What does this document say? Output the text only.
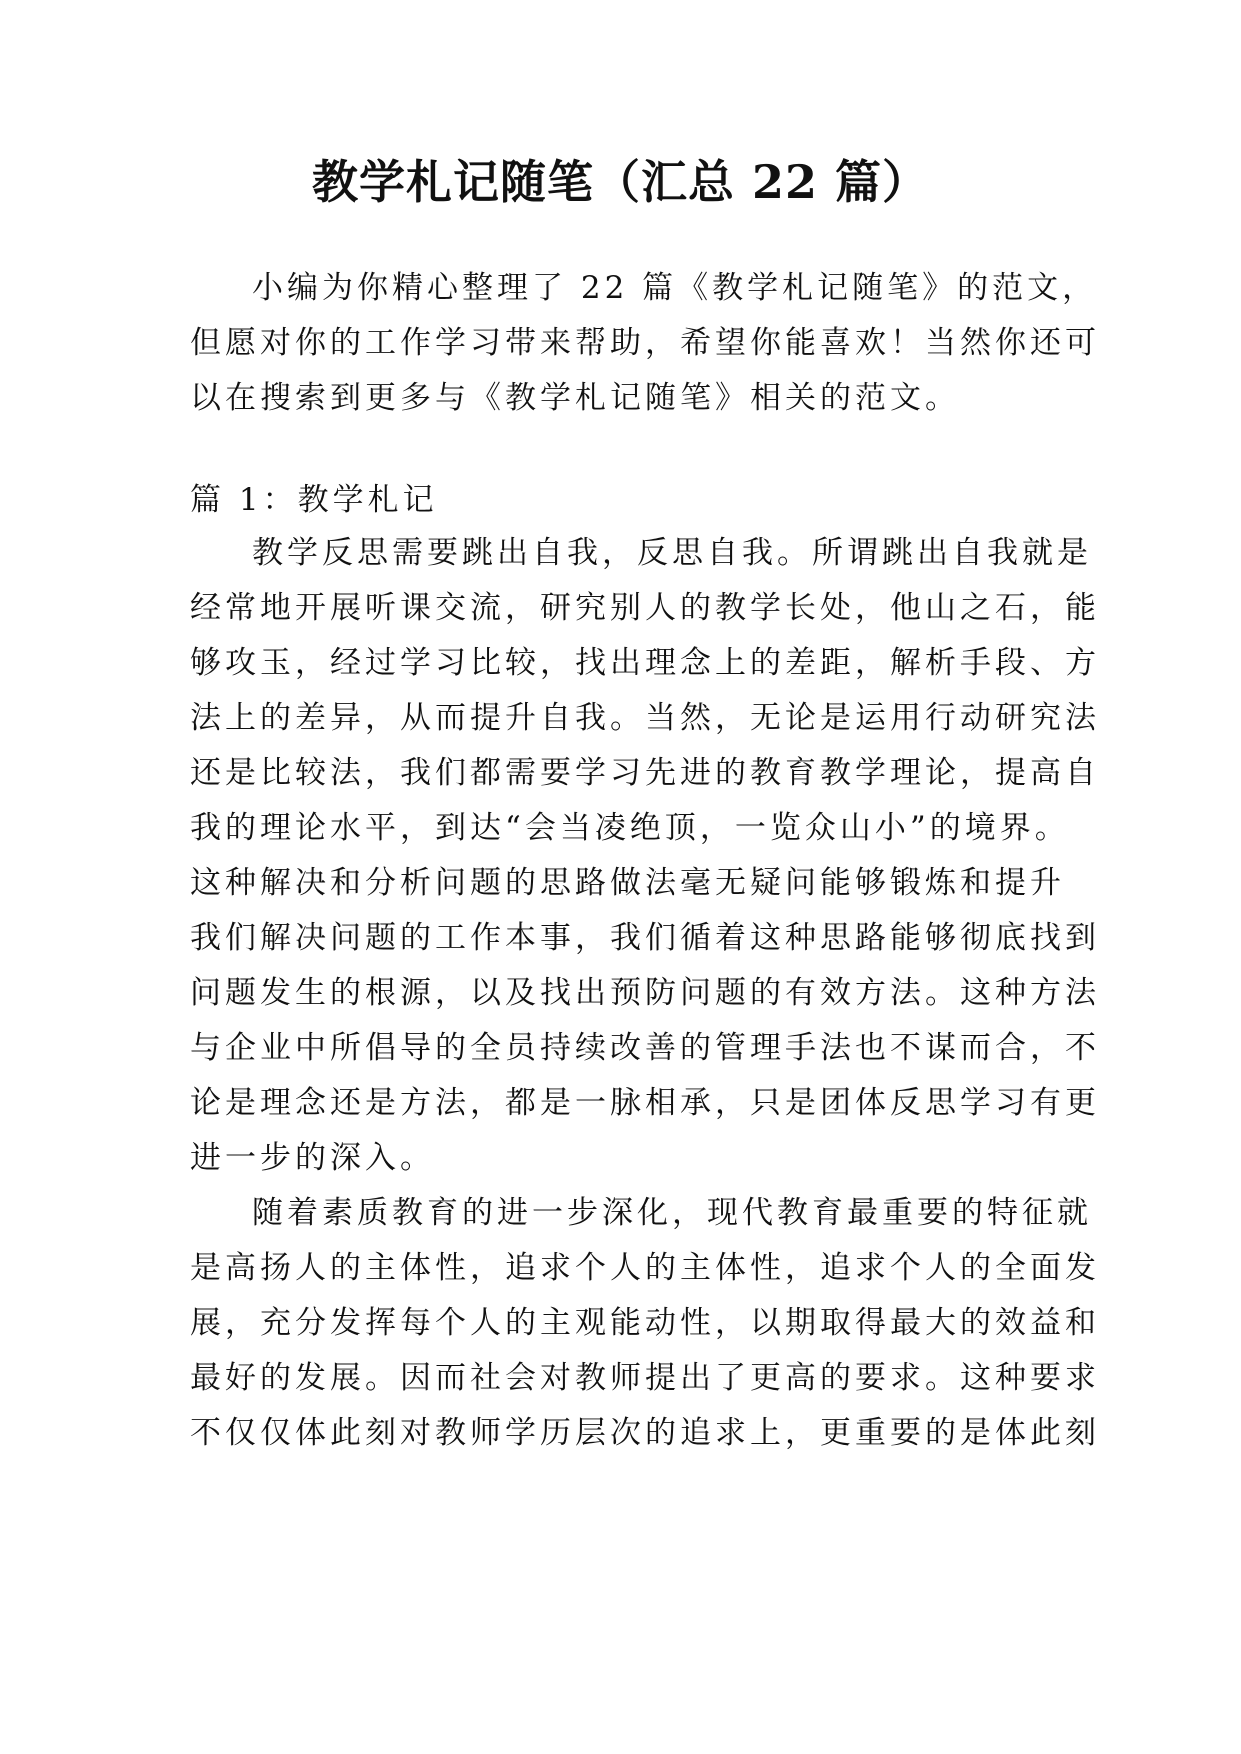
教学札记随笔（汇总 22 篇）
小编为你精心整理了 22 篇《教学札记随笔》的范文，
但愿对你的工作学习带来帮助，希望你能喜欢！当然你还可
以在搜索到更多与《教学札记随笔》相关的范文。
篇 1：教学札记
教学反思需要跳出自我，反思自我。所谓跳出自我就是
经常地开展听课交流，研究别人的教学长处，他山之石，能
够攻玉，经过学习比较，找出理念上的差距，解析手段、方
法上的差异，从而提升自我。当然，无论是运用行动研究法
还是比较法，我们都需要学习先进的教育教学理论，提高自
我的理论水平，到达“会当凌绝顶，一览众山小”的境界。
这种解决和分析问题的思路做法毫无疑问能够锻炼和提升
我们解决问题的工作本事，我们循着这种思路能够彻底找到
问题发生的根源，以及找出预防问题的有效方法。这种方法
与企业中所倡导的全员持续改善的管理手法也不谋而合，不
论是理念还是方法，都是一脉相承，只是团体反思学习有更
进一步的深入。
随着素质教育的进一步深化，现代教育最重要的特征就
是高扬人的主体性，追求个人的主体性，追求个人的全面发
展，充分发挥每个人的主观能动性，以期取得最大的效益和
最好的发展。因而社会对教师提出了更高的要求。这种要求
不仅仅体此刻对教师学历层次的追求上，更重要的是体此刻
